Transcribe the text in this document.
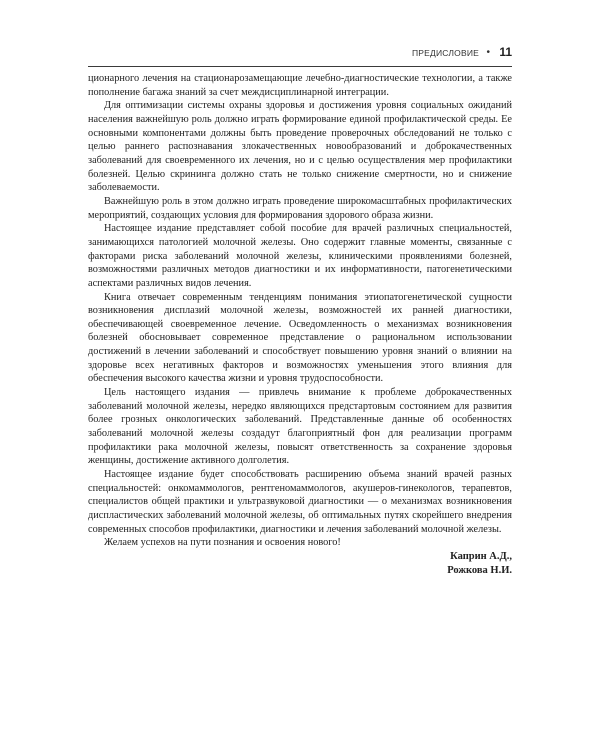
ПРЕДИСЛОВИЕ • 11

ционарного лечения на стационарозамещающие лечебно-диагностические технологии, а также пополнение багажа знаний за счет междисциплинарной интеграции.

Для оптимизации системы охраны здоровья и достижения уровня социальных ожиданий населения важнейшую роль должно играть формирование единой профилактической среды. Ее основными компонентами должны быть проведение проверочных обследований не только с целью раннего распознавания злокачественных новообразований и доброкачественных заболеваний для своевременного их лечения, но и с целью осуществления мер профилактики болезней. Целью скрининга должно стать не только снижение смертности, но и снижение заболеваемости.

Важнейшую роль в этом должно играть проведение широкомасштабных профилактических мероприятий, создающих условия для формирования здорового образа жизни.

Настоящее издание представляет собой пособие для врачей различных специальностей, занимающихся патологией молочной железы. Оно содержит главные моменты, связанные с факторами риска заболеваний молочной железы, клиническими проявлениями болезней, возможностями различных методов диагностики и их информативности, патогенетическими аспектами различных видов лечения.

Книга отвечает современным тенденциям понимания этиопатогенетической сущности возникновения дисплазий молочной железы, возможностей их ранней диагностики, обеспечивающей своевременное лечение. Осведомленность о механизмах возникновения болезней обосновывает современное представление о рациональном использовании достижений в лечении заболеваний и способствует повышению уровня знаний о влиянии на здоровье всех негативных факторов и возможностях уменьшения этого влияния для обеспечения высокого качества жизни и уровня трудоспособности.

Цель настоящего издания — привлечь внимание к проблеме доброкачественных заболеваний молочной железы, нередко являющихся предстартовым состоянием для развития более грозных онкологических заболеваний. Представленные данные об особенностях заболеваний молочной железы создадут благоприятный фон для реализации программ профилактики рака молочной железы, повысят ответственность за сохранение здоровья женщины, достижение активного долголетия.

Настоящее издание будет способствовать расширению объема знаний врачей разных специальностей: онкомаммологов, рентгеномаммологов, акушеров-гинекологов, терапевтов, специалистов общей практики и ультразвуковой диагностики — о механизмах возникновения диспластических заболеваний молочной железы, об оптимальных путях скорейшего внедрения современных способов профилактики, диагностики и лечения заболеваний молочной железы.

Желаем успехов на пути познания и освоения нового!

Каприн А.Д.,
Рожкова Н.И.
